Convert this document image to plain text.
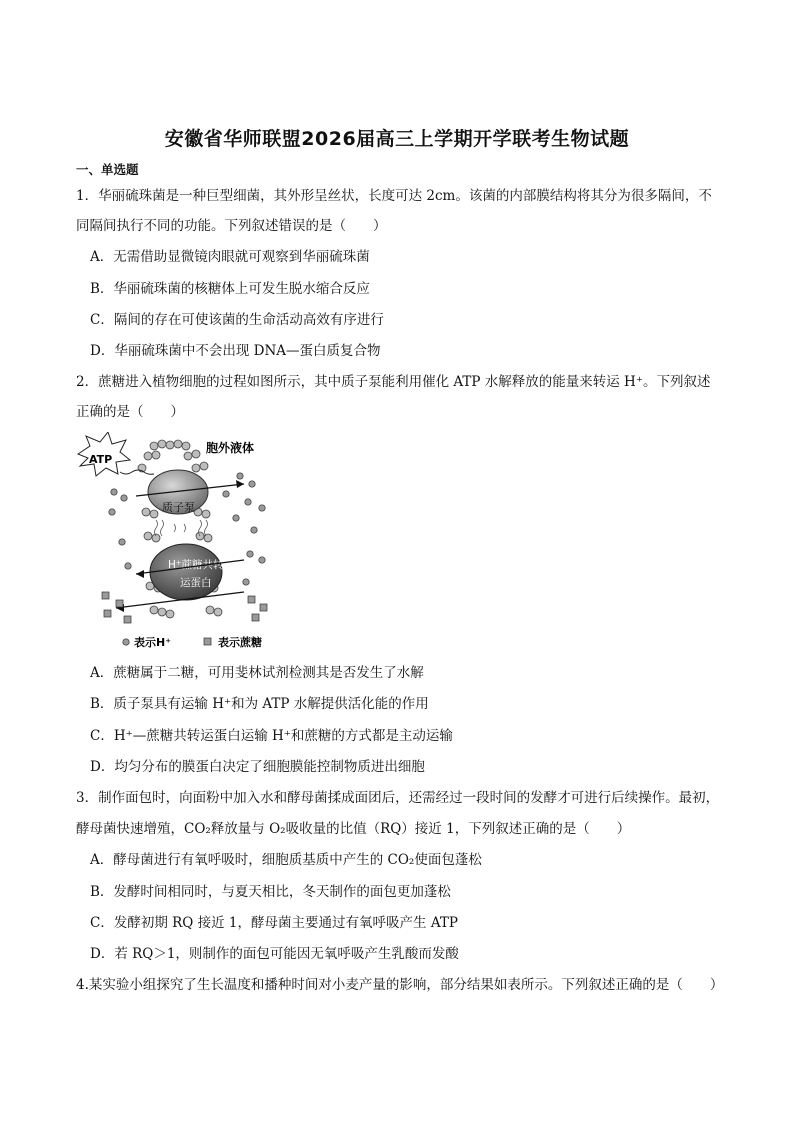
安徽省华师联盟2026届高三上学期开学联考生物试题
一、单选题
1．华丽硫珠菌是一种巨型细菌，其外形呈丝状，长度可达 2cm。该菌的内部膜结构将其分为很多隔间，不
同隔间执行不同的功能。下列叙述错误的是（　　）
A．无需借助显微镜肉眼就可观察到华丽硫珠菌
B．华丽硫珠菌的核糖体上可发生脱水缩合反应
C．隔间的存在可使该菌的生命活动高效有序进行
D．华丽硫珠菌中不会出现 DNA—蛋白质复合物
2．蔗糖进入植物细胞的过程如图所示，其中质子泵能利用催化 ATP 水解释放的能量来转运 H⁺。下列叙述
正确的是（　　）
ATP
胞外液体
质子泵
H⁺蔗糖共转
运蛋白
表示H⁺	表示蔗糖
A．蔗糖属于二糖，可用斐林试剂检测其是否发生了水解
B．质子泵具有运输 H⁺和为 ATP 水解提供活化能的作用
C．H⁺—蔗糖共转运蛋白运输 H⁺和蔗糖的方式都是主动运输
D．均匀分布的膜蛋白决定了细胞膜能控制物质进出细胞
3．制作面包时，向面粉中加入水和酵母菌揉成面团后，还需经过一段时间的发酵才可进行后续操作。最初，
酵母菌快速增殖，CO₂释放量与 O₂吸收量的比值（RQ）接近 1，下列叙述正确的是（　　）
A．酵母菌进行有氧呼吸时，细胞质基质中产生的 CO₂使面包蓬松
B．发酵时间相同时，与夏天相比，冬天制作的面包更加蓬松
C．发酵初期 RQ 接近 1，酵母菌主要通过有氧呼吸产生 ATP
D．若 RQ＞1，则制作的面包可能因无氧呼吸产生乳酸而发酸
4.某实验小组探究了生长温度和播种时间对小麦产量的影响，部分结果如表所示。下列叙述正确的是（　　）
